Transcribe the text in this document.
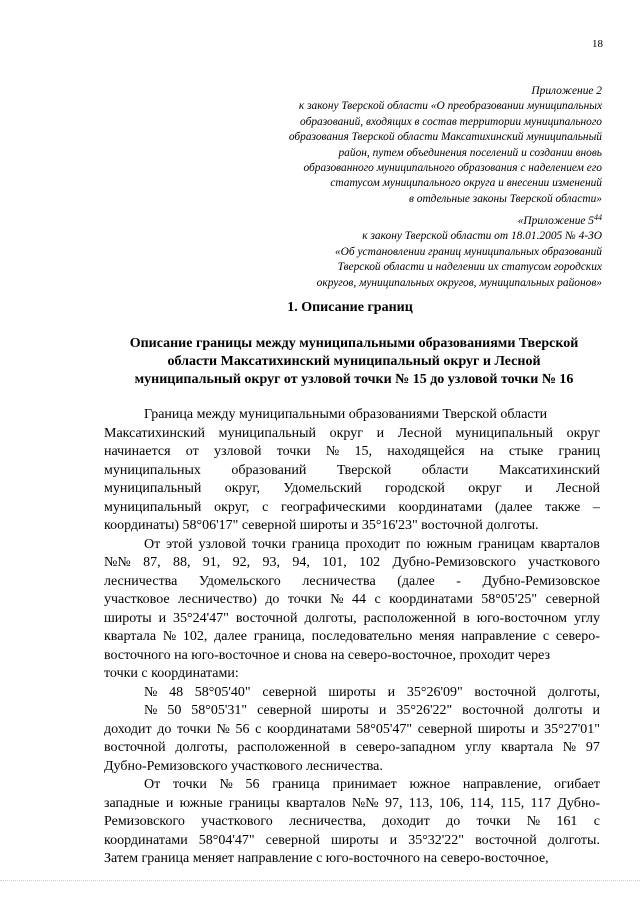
18
Приложение 2
к закону Тверской области «О преобразовании муниципальных
образований, входящих в состав территории муниципального
образования Тверской области Максатихинский муниципальный
район, путем объединения поселений и создании вновь
образованного муниципального образования с наделением его
статусом муниципального округа и внесении изменений
в отдельные законы Тверской области»
«Приложение $5^{44}$
к закону Тверской области от 18.01.2005 № 4-ЗО
«Об установлении границ муниципальных образований
Тверской области и наделении их статусом городских
округов, муниципальных округов, муниципальных районов»
1. Описание границ
Описание границы между муниципальными образованиями Тверской
области Максатихинский муниципальный округ и Лесной
муниципальный округ от узловой точки № 15 до узловой точки № 16
Граница между муниципальными образованиями Тверской области
Максатихинский муниципальный округ и Лесной муниципальный округ
начинается от узловой точки № 15, находящейся на стыке границ
муниципальных образований Тверской области Максатихинский
муниципальный округ, Удомельский городской округ и Лесной
муниципальный округ, с географическими координатами (далее также –
координаты) 58°06'17" северной широты и 35°16'23" восточной долготы.
От этой узловой точки граница проходит по южным границам кварталов
№№ 87, 88, 91, 92, 93, 94, 101, 102 Дубно-Ремизовского участкового
лесничества Удомельского лесничества (далее - Дубно-Ремизовское
участковое лесничество) до точки № 44 с координатами 58°05'25" северной
широты и 35°24'47" восточной долготы, расположенной в юго-восточном углу
квартала № 102, далее граница, последовательно меняя направление с северо-
восточного на юго-восточное и снова на северо-восточное, проходит через
точки с координатами:
№ 48 58°05'40" северной широты и 35°26'09" восточной долготы,
№ 50 58°05'31" северной широты и 35°26'22" восточной долготы и
доходит до точки № 56 с координатами 58°05'47" северной широты и 35°27'01"
восточной долготы, расположенной в северо-западном углу квартала № 97
Дубно-Ремизовского участкового лесничества.
От точки № 56 граница принимает южное направление, огибает
западные и южные границы кварталов №№ 97, 113, 106, 114, 115, 117 Дубно-
Ремизовского участкового лесничества, доходит до точки № 161 с
координатами 58°04'47" северной широты и 35°32'22" восточной долготы.
Затем граница меняет направление с юго-восточного на северо-восточное,
